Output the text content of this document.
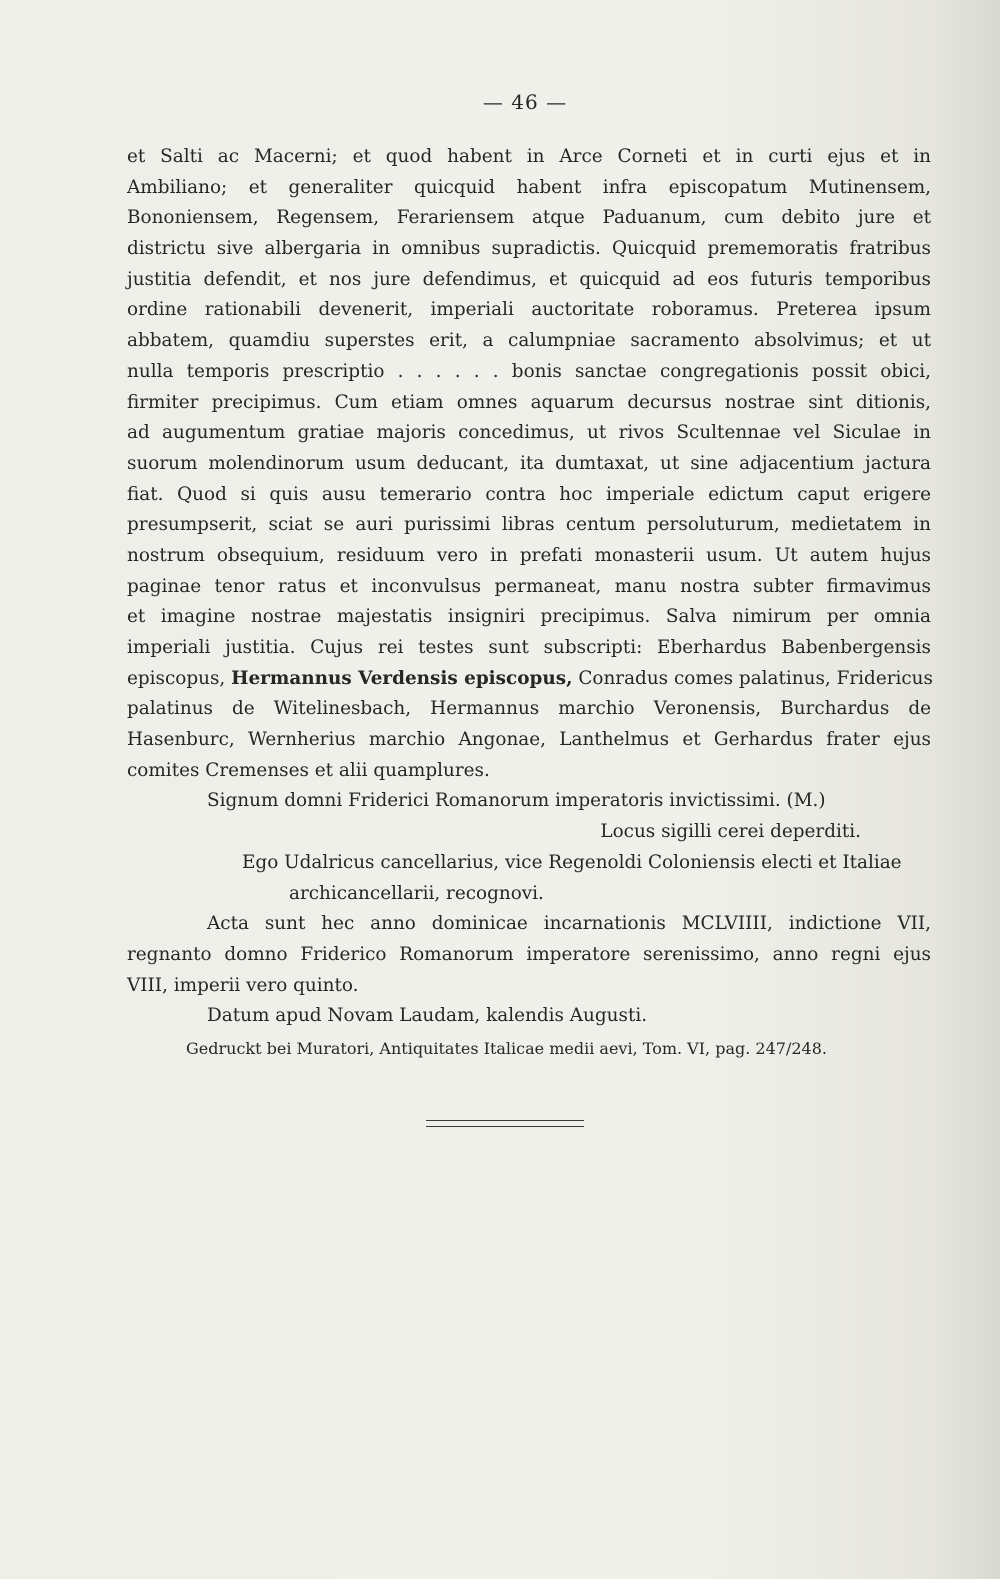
— 46 —
et Salti ac Macerni; et quod habent in Arce Corneti et in curti ejus et in
Ambiliano; et generaliter quicquid habent infra episcopatum Mutinensem,
Bononiensem, Regensem, Ferariensem atque Paduanum, cum debito jure et
districtu sive albergaria in omnibus supradictis. Quicquid prememoratis fratribus
justitia defendit, et nos jure defendimus, et quicquid ad eos futuris temporibus
ordine rationabili devenerit, imperiali auctoritate roboramus. Preterea ipsum
abbatem, quamdiu superstes erit, a calumpniae sacramento absolvimus; et ut
nulla temporis prescriptio . . . . . . bonis sanctae congregationis possit obici,
firmiter precipimus. Cum etiam omnes aquarum decursus nostrae sint ditionis,
ad augumentum gratiae majoris concedimus, ut rivos Scultennae vel Siculae in
suorum molendinorum usum deducant, ita dumtaxat, ut sine adjacentium jactura
fiat. Quod si quis ausu temerario contra hoc imperiale edictum caput erigere
presumpserit, sciat se auri purissimi libras centum persoluturum, medietatem in
nostrum obsequium, residuum vero in prefati monasterii usum. Ut autem hujus
paginae tenor ratus et inconvulsus permaneat, manu nostra subter firmavimus
et imagine nostrae majestatis insigniri precipimus. Salva nimirum per omnia
imperiali justitia. Cujus rei testes sunt subscripti: Eberhardus Babenbergensis
episcopus, Hermannus Verdensis episcopus, Conradus comes palatinus, Fridericus
palatinus de Witelinesbach, Hermannus marchio Veronensis, Burchardus de
Hasenburc, Wernherius marchio Angonae, Lanthelmus et Gerhardus frater ejus
comites Cremenses et alii quamplures.
Signum domni Friderici Romanorum imperatoris invictissimi. (M.)
Locus sigilli cerei deperditi.
Ego Udalricus cancellarius, vice Regenoldi Coloniensis electi et Italiae
archicancellarii, recognovi.
Acta sunt hec anno dominicae incarnationis MCLVIIII, indictione VII,
regnanto domno Friderico Romanorum imperatore serenissimo, anno regni ejus
VIII, imperii vero quinto.
Datum apud Novam Laudam, kalendis Augusti.
Gedruckt bei Muratori, Antiquitates Italicae medii aevi, Tom. VI, pag. 247/248.
